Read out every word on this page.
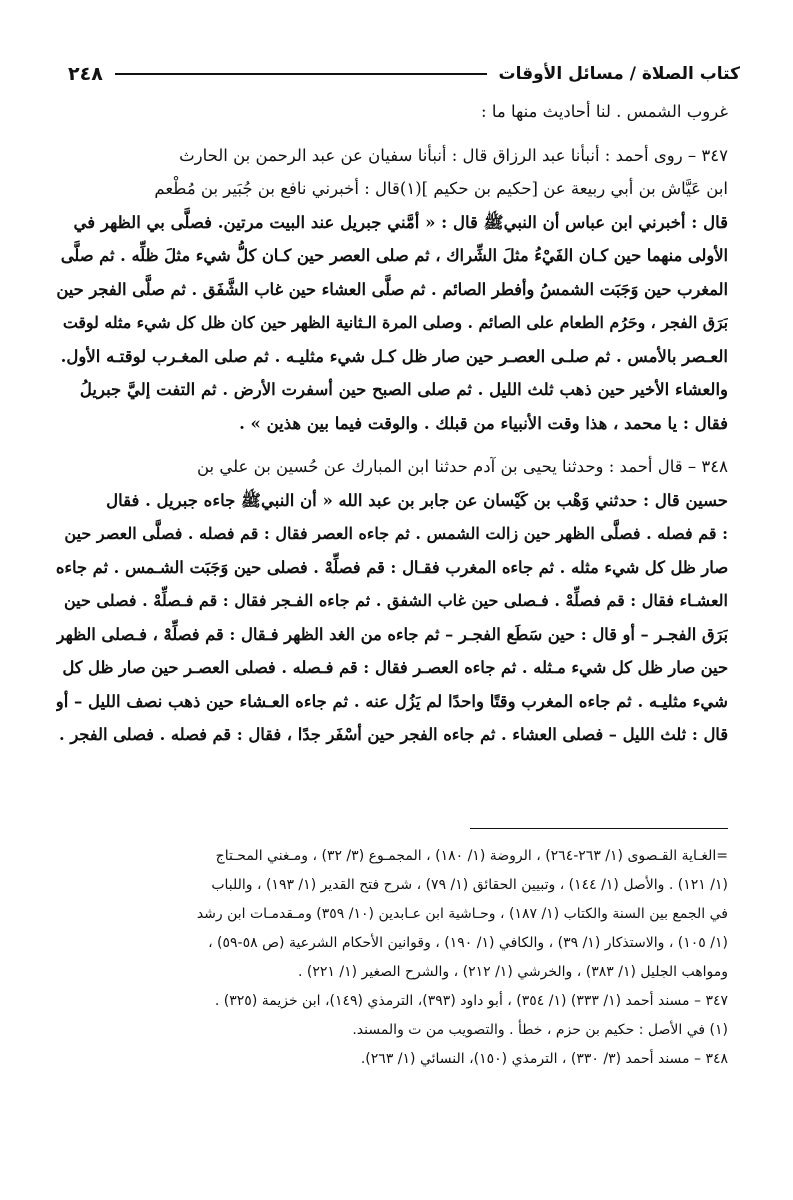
٢٤٨	كتاب الصلاة / مسائل الأوقات
غروب الشمس . لنا أحاديث منها ما :
٣٤٧ – روى أحمد : أنبأنا عبد الرزاق قال : أنبأنا سفيان عن عبد الرحمن بن الحارث
ابن عَيَّاش بن أبي ربيعة عن [حكيم بن حكيم ](١)قال : أخبرني نافع بن جُبَير بن مُطْعم
قال : أخبرني ابن عباس أن النبيﷺ قال : « أمَّني جبريل عند البيت مرتين. فصلَّى بي الظهر في
الأولى منهما حين كـان الفَيْءُ مثلَ الشِّراك ، ثم صلى العصر حين كـان كلُّ شيء مثلَ ظلِّه . ثم صلَّى
المغرب حين وَجَبَت الشمسُ وأفطر الصائم . ثم صلَّى العشاء حين غاب الشَّفَق . ثم صلَّى الفجر حين
بَرَق الفجر ، وحَرُم الطعام على الصائم . وصلى المرة الـثانية الظهر حين كان ظل كل شيء مثله لوقت
العـصر بالأمس . ثم صلـى العصـر حين صار ظل كـل شيء مثليـه . ثم صلى المغـرب لوقتـه الأول.
والعشاء الأخير حين ذهب ثلث الليل . ثم صلى الصبح حين أسفرت الأرض . ثم التفت إليَّ جبريلُ
فقال : يا محمد ، هذا وقت الأنبياء من قبلك . والوقت فيما بين هذين » .
٣٤٨ – قال أحمد : وحدثنا يحيى بن آدم حدثنا ابن المبارك عن حُسين بن علي بن
حسين قال : حدثني وَهْب بن كَيْسان عن جابر بن عبد الله « أن النبيﷺ جاءه جبريل . فقال
: قم فصله . فصلَّى الظهر حين زالت الشمس . ثم جاءه العصر فقال : قم فصله . فصلَّى العصر حين
صار ظل كل شيء مثله . ثم جاءه المغرب فقـال : قم فصلِّهْ . فصلى حين وَجَبَت الشـمس . ثم جاءه
العشـاء فقال : قم فصلِّهْ . فـصلى حين غاب الشفق . ثم جاءه الفـجر فقال : قم فـصلِّهْ . فصلى حين
بَرَق الفجـر – أو قال : حين سَطَع الفجـر – ثم جاءه من الغد الظهر فـقال : قم فصلِّهْ ، فـصلى الظهر
حين صار ظل كل شيء مـثله . ثم جاءه العصـر فقال : قم فـصله . فصلى العصـر حين صار ظل كل
شيء مثليـه . ثم جاءه المغرب وقتًا واحدًا لم يَزُل عنه . ثم جاءه العـشاء حين ذهب نصف الليل – أو
قال : ثلث الليل – فصلى العشاء . ثم جاءه الفجر حين أسْفَر جدًا ، فقال : قم فصله . فصلى الفجر .
=الغـاية القـصوى (١/ ٢٦٣-٢٦٤) ، الروضة (١/ ١٨٠) ، المجمـوع (٣/ ٣٢) ، ومـغني المحـتاج
(١/ ١٢١) . والأصل (١/ ١٤٤) ، وتبيين الحقائق (١/ ٧٩) ، شرح فتح القدير (١/ ١٩٣) ، واللباب
في الجمع بين السنة والكتاب (١/ ١٨٧) ، وحـاشية ابن عـابدين (١٠/ ٣٥٩) ومـقدمـات ابن رشد
(١/ ١٠٥) ، والاستذكار (١/ ٣٩) ، والكافي (١/ ١٩٠) ، وقوانين الأحكام الشرعية (ص ٥٨-٥٩) ،
ومواهب الجليل (١/ ٣٨٣) ، والخرشي (١/ ٢١٢) ، والشرح الصغير (١/ ٢٢١) .
٣٤٧ – مسند أحمد (١/ ٣٣٣) (١/ ٣٥٤) ، أبو داود (٣٩٣)، الترمذي (١٤٩)، ابن خزيمة (٣٢٥) .
(١) في الأصل : حكيم بن حزم ، خطأ . والتصويب من ت والمسند.
٣٤٨ – مسند أحمد (٣/ ٣٣٠) ، الترمذي (١٥٠)، النسائي (١/ ٢٦٣).
